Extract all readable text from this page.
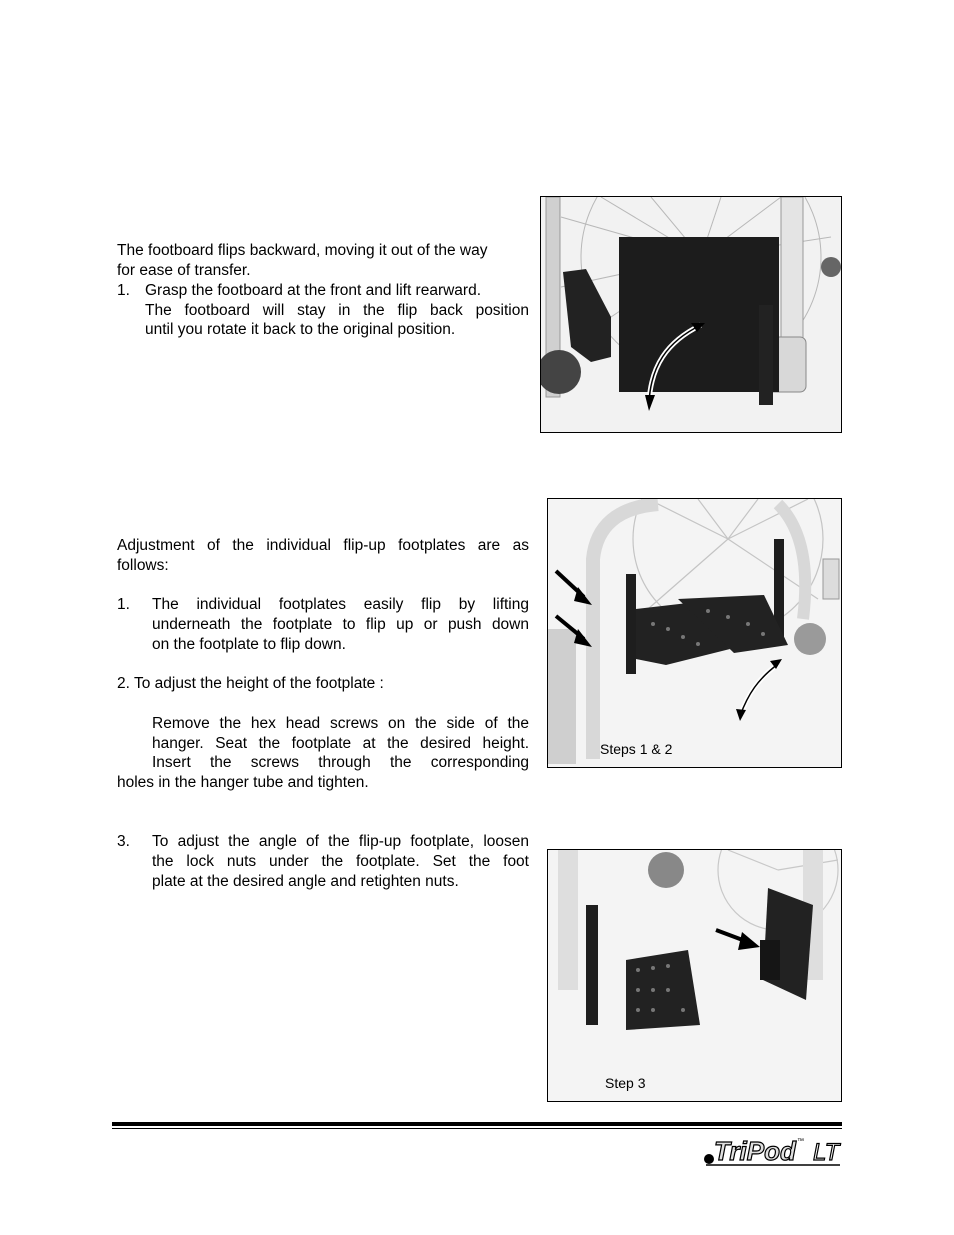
The footboard flips backward, moving it out of the way
for ease of transfer.
1. Grasp the footboard at the front and lift rearward.
The footboard will stay in the flip back position
until you rotate it back to the original position.
Adjustment of the individual flip-up footplates are as
follows:
1. The individual footplates easily flip by lifting
underneath the footplate to flip up or push down
on the footplate to flip down.
2. To adjust the height of the footplate :
Remove the hex head screws on the side of the
hanger. Seat the footplate at the desired height.
Insert the screws through the corresponding
holes in the hanger tube and tighten.
3. To adjust the angle of the flip-up footplate, loosen
the lock nuts under the footplate. Set the foot
plate at the desired angle and retighten nuts.
Steps 1 & 2
Step 3
TriPod ™ LT
